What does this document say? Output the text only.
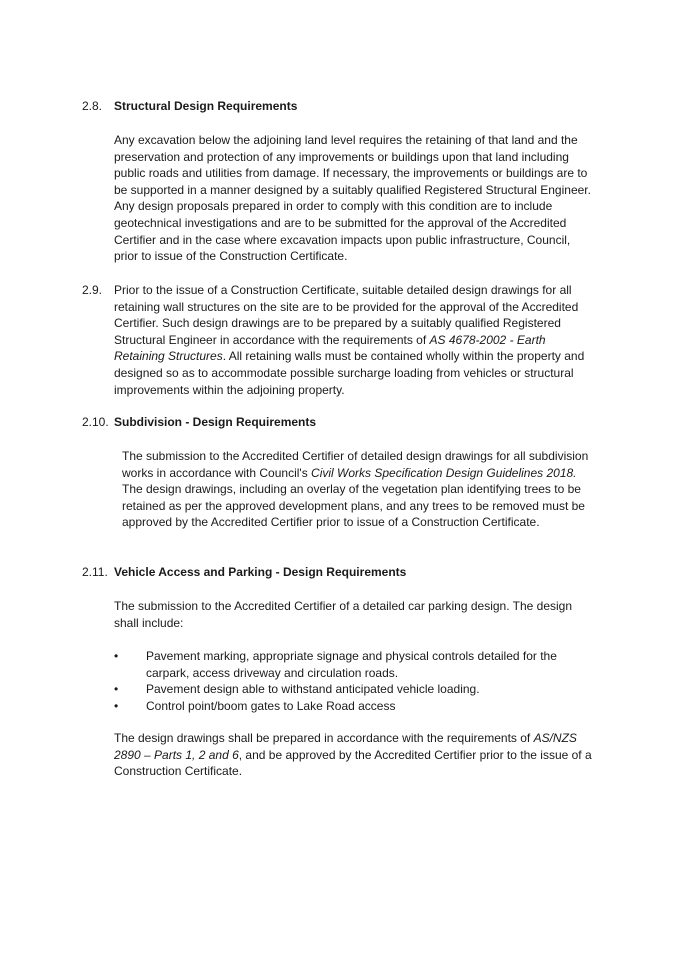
2.8. Structural Design Requirements

Any excavation below the adjoining land level requires the retaining of that land and the preservation and protection of any improvements or buildings upon that land including public roads and utilities from damage. If necessary, the improvements or buildings are to be supported in a manner designed by a suitably qualified Registered Structural Engineer. Any design proposals prepared in order to comply with this condition are to include geotechnical investigations and are to be submitted for the approval of the Accredited Certifier and in the case where excavation impacts upon public infrastructure, Council, prior to issue of the Construction Certificate.

2.9. Prior to the issue of a Construction Certificate, suitable detailed design drawings for all retaining wall structures on the site are to be provided for the approval of the Accredited Certifier. Such design drawings are to be prepared by a suitably qualified Registered Structural Engineer in accordance with the requirements of AS 4678-2002 - Earth Retaining Structures. All retaining walls must be contained wholly within the property and designed so as to accommodate possible surcharge loading from vehicles or structural improvements within the adjoining property.

2.10. Subdivision - Design Requirements

The submission to the Accredited Certifier of detailed design drawings for all subdivision works in accordance with Council's Civil Works Specification Design Guidelines 2018. The design drawings, including an overlay of the vegetation plan identifying trees to be retained as per the approved development plans, and any trees to be removed must be approved by the Accredited Certifier prior to issue of a Construction Certificate.

2.11. Vehicle Access and Parking - Design Requirements

The submission to the Accredited Certifier of a detailed car parking design. The design shall include:

• Pavement marking, appropriate signage and physical controls detailed for the carpark, access driveway and circulation roads.
• Pavement design able to withstand anticipated vehicle loading.
• Control point/boom gates to Lake Road access

The design drawings shall be prepared in accordance with the requirements of AS/NZS 2890 – Parts 1, 2 and 6, and be approved by the Accredited Certifier prior to the issue of a Construction Certificate.
